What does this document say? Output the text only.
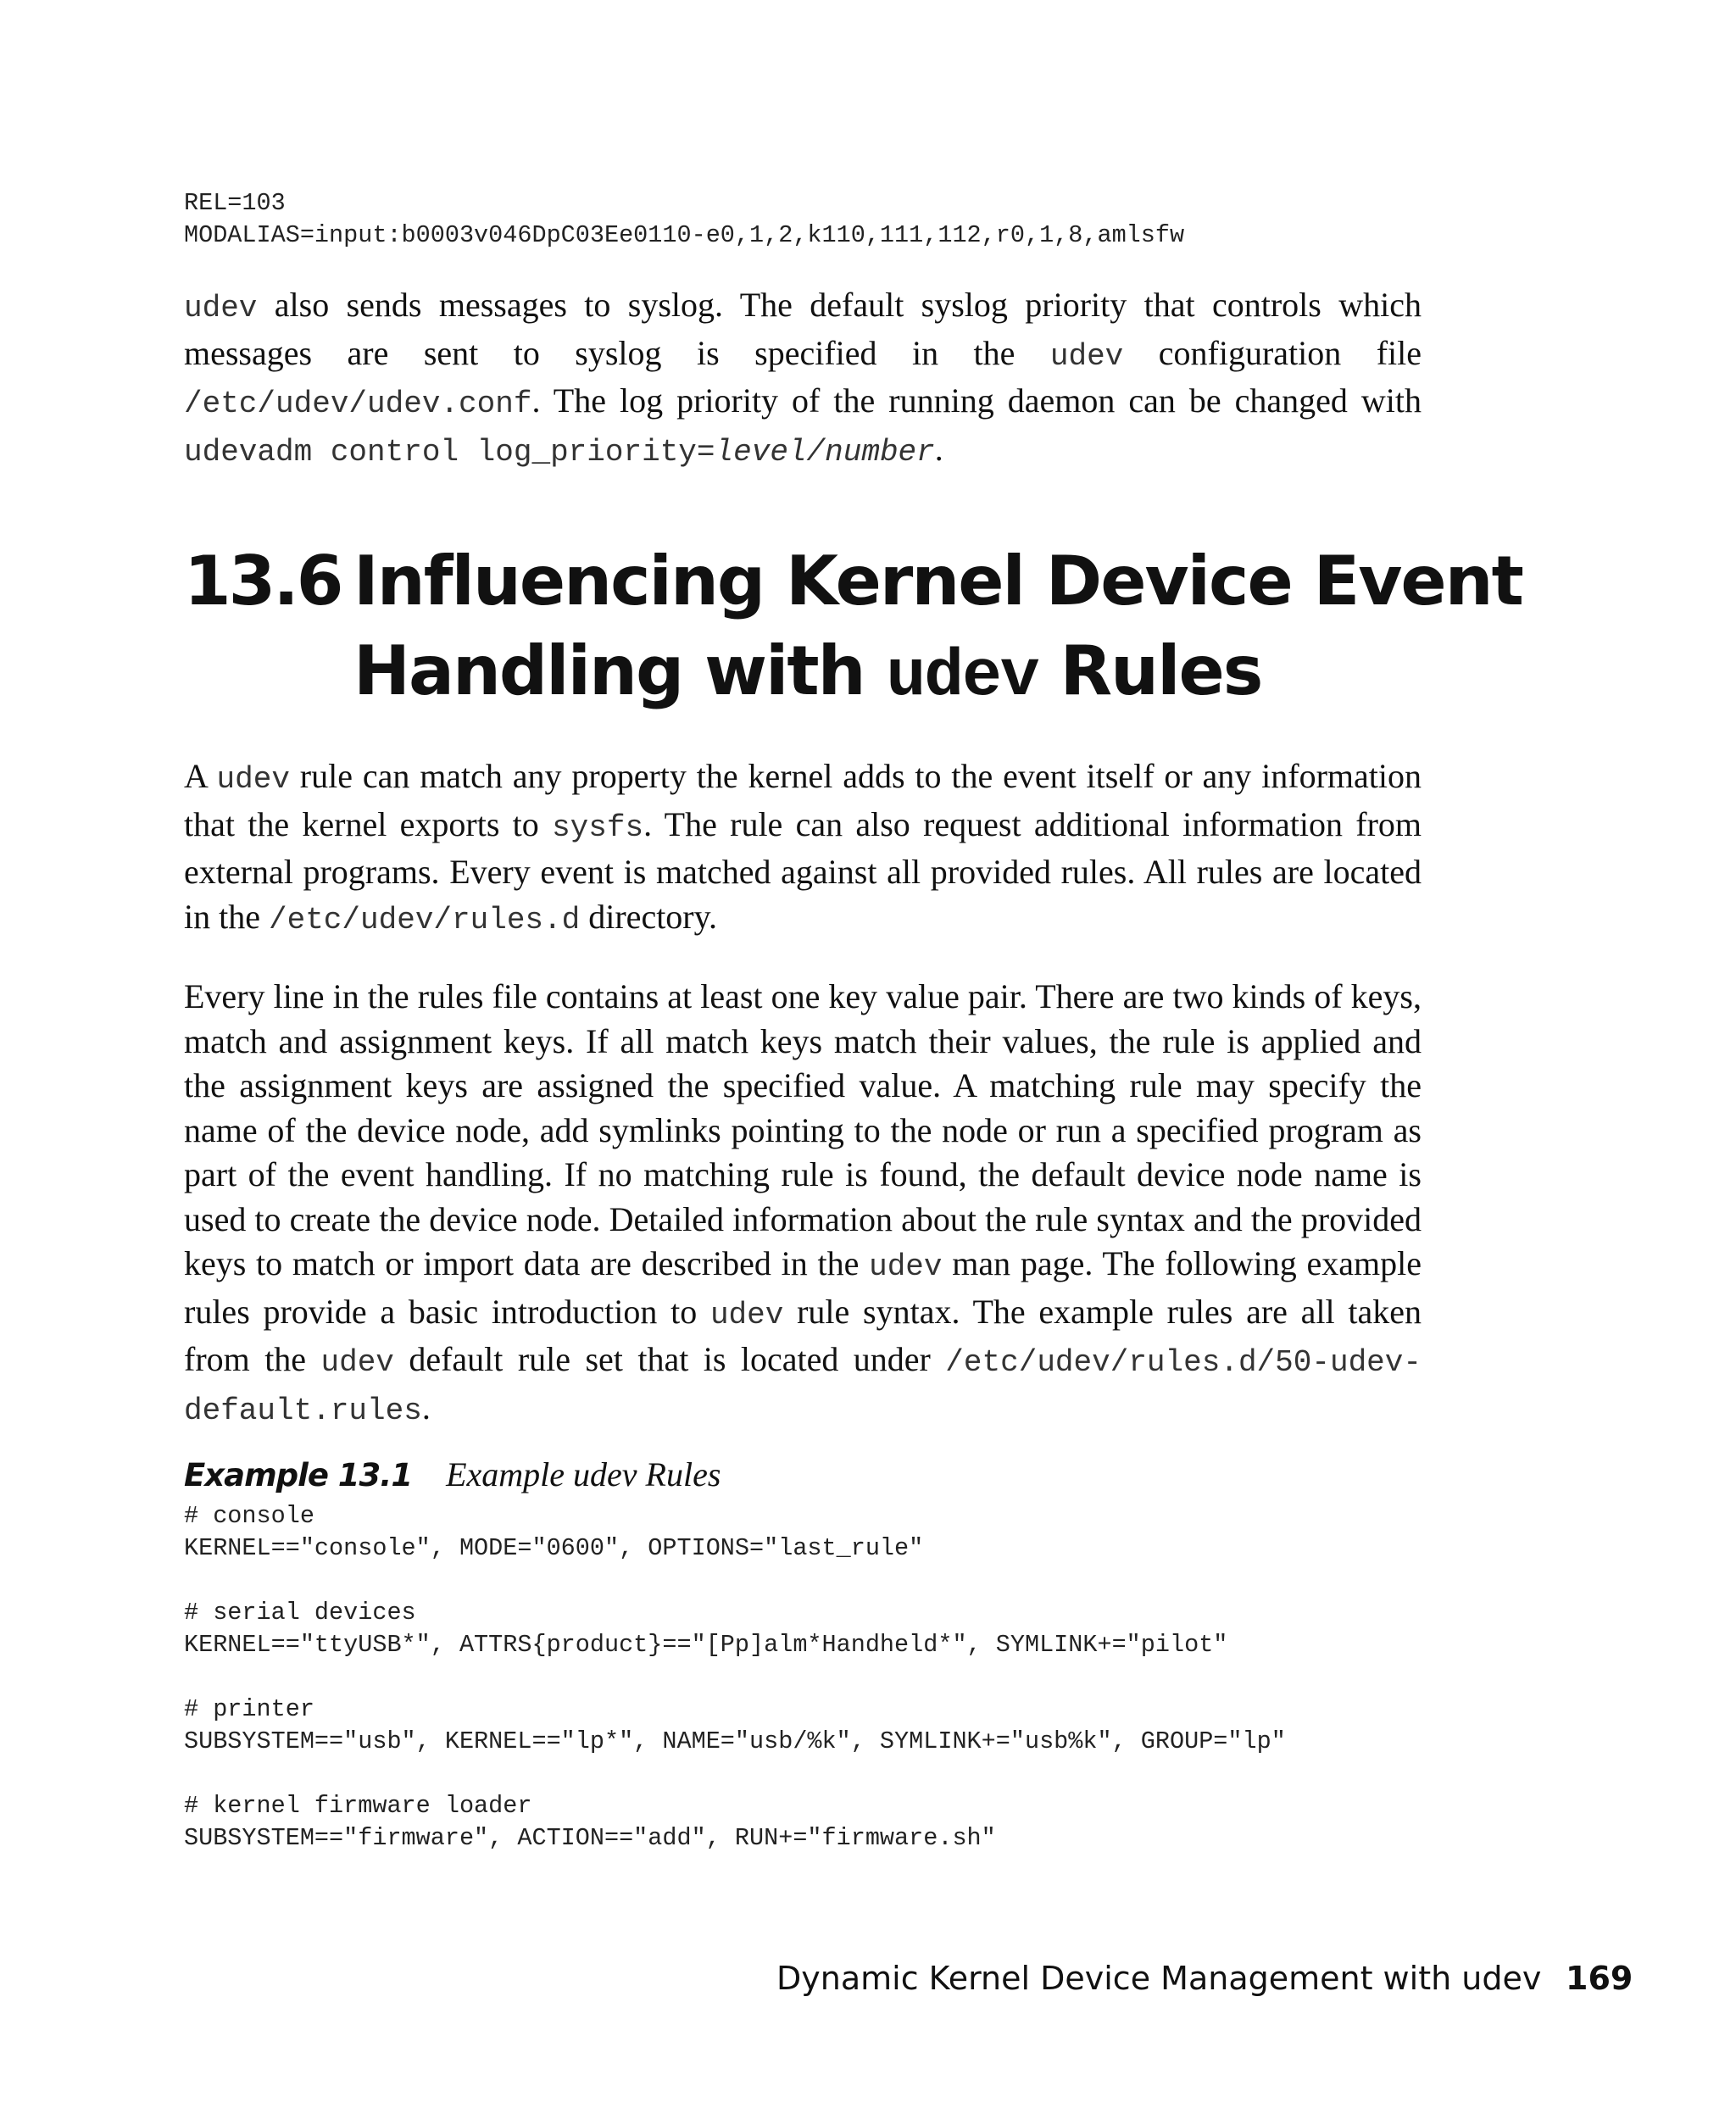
REL=103
MODALIAS=input:b0003v046DpC03Ee0110-e0,1,2,k110,111,112,r0,1,8,amlsfw

udev also sends messages to syslog. The default syslog priority that controls which messages are sent to syslog is specified in the udev configuration file /etc/udev/udev.conf. The log priority of the running daemon can be changed with udevadm control log_priority=level/number.

13.6 Influencing Kernel Device Event
Handling with udev Rules

A udev rule can match any property the kernel adds to the event itself or any information that the kernel exports to sysfs. The rule can also request additional information from external programs. Every event is matched against all provided rules. All rules are located in the /etc/udev/rules.d directory.

Every line in the rules file contains at least one key value pair. There are two kinds of keys, match and assignment keys. If all match keys match their values, the rule is applied and the assignment keys are assigned the specified value. A matching rule may specify the name of the device node, add symlinks pointing to the node or run a specified program as part of the event handling. If no matching rule is found, the default device node name is used to create the device node. Detailed information about the rule syntax and the provided keys to match or import data are described in the udev man page. The following example rules provide a basic introduction to udev rule syntax. The example rules are all taken from the udev default rule set that is located under /etc/udev/rules.d/50-udev-default.rules.

Example 13.1 Example udev Rules
# console
KERNEL=="console", MODE="0600", OPTIONS="last_rule"

# serial devices
KERNEL=="ttyUSB*", ATTRS{product}=="[Pp]alm*Handheld*", SYMLINK+="pilot"

# printer
SUBSYSTEM=="usb", KERNEL=="lp*", NAME="usb/%k", SYMLINK+="usb%k", GROUP="lp"

# kernel firmware loader
SUBSYSTEM=="firmware", ACTION=="add", RUN+="firmware.sh"
Dynamic Kernel Device Management with udev 169
